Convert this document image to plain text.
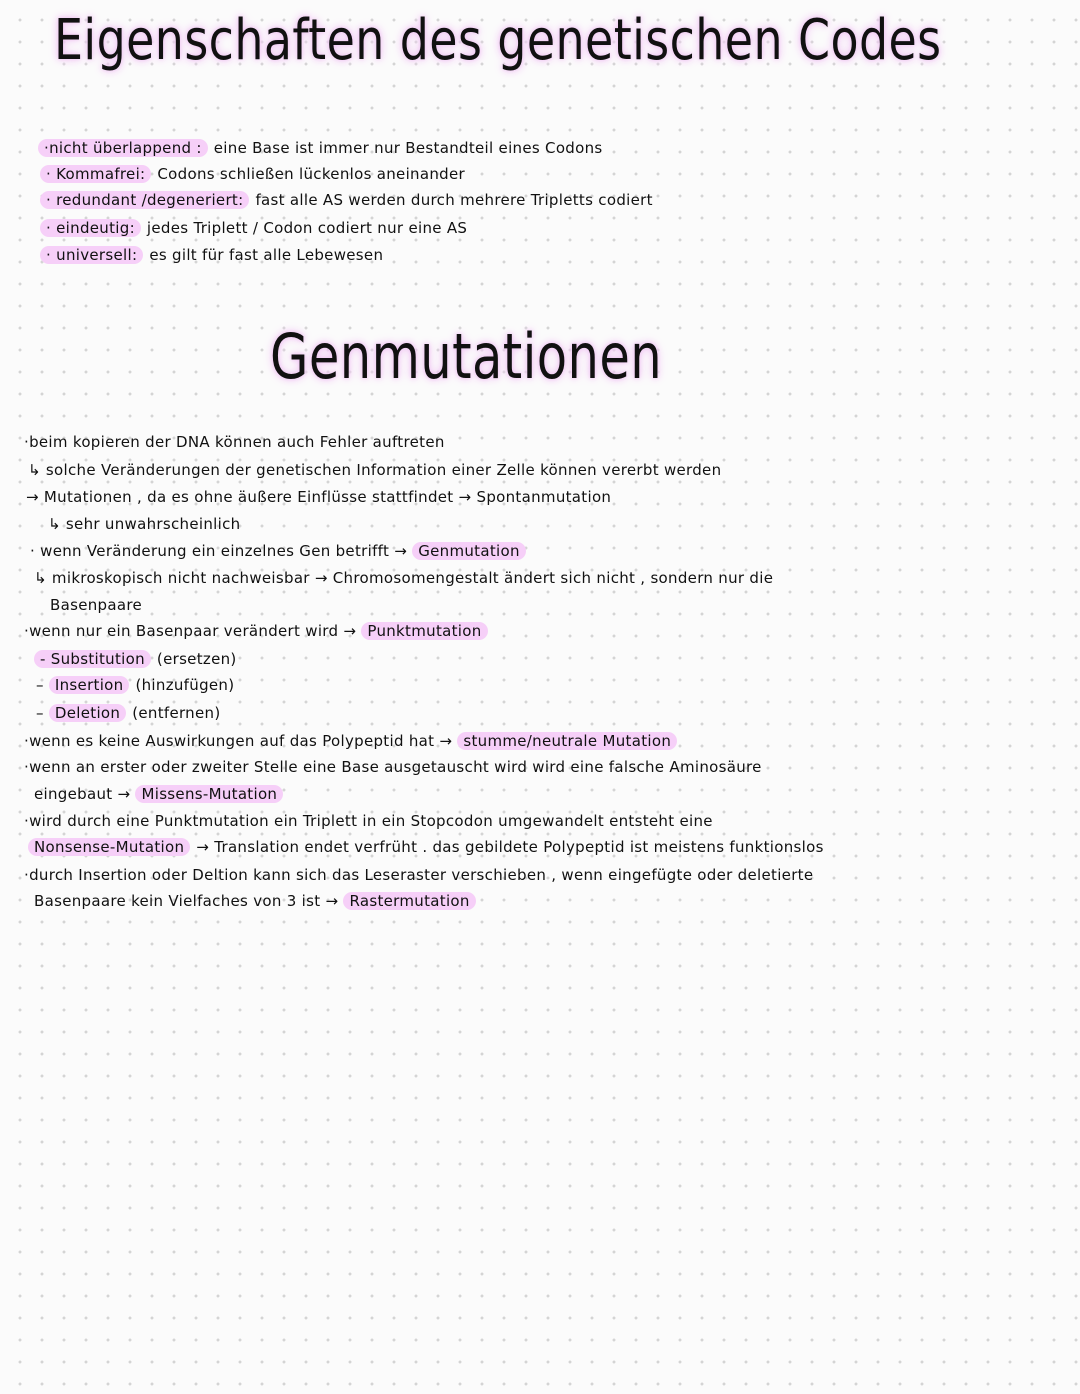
Eigenschaften des genetischen Codes
·nicht überlappend : eine Base ist immer nur Bestandteil eines Codons
· Kommafrei: Codons schließen lückenlos aneinander
· redundant /degeneriert: fast alle AS werden durch mehrere Tripletts codiert
· eindeutig: jedes Triplett / Codon codiert nur eine AS
· universell: es gilt für fast alle Lebewesen
Genmutationen
·beim kopieren der DNA können auch Fehler auftreten
↳ solche Veränderungen der genetischen Information einer Zelle können vererbt werden
→ Mutationen , da es ohne äußere Einflüsse stattfindet → Spontanmutation
↳ sehr unwahrscheinlich
· wenn Veränderung ein einzelnes Gen betrifft → Genmutation
↳ mikroskopisch nicht nachweisbar → Chromosomengestalt ändert sich nicht , sondern nur die
Basenpaare
·wenn nur ein Basenpaar verändert wird → Punktmutation
- Substitution (ersetzen)
– Insertion (hinzufügen)
– Deletion (entfernen)
·wenn es keine Auswirkungen auf das Polypeptid hat → stumme/neutrale Mutation
·wenn an erster oder zweiter Stelle eine Base ausgetauscht wird wird eine falsche Aminosäure
eingebaut → Missens-Mutation
·wird durch eine Punktmutation ein Triplett in ein Stopcodon umgewandelt entsteht eine
Nonsense-Mutation → Translation endet verfrüht . das gebildete Polypeptid ist meistens funktionslos
·durch Insertion oder Deltion kann sich das Leseraster verschieben , wenn eingefügte oder deletierte
Basenpaare kein Vielfaches von 3 ist → Rastermutation
